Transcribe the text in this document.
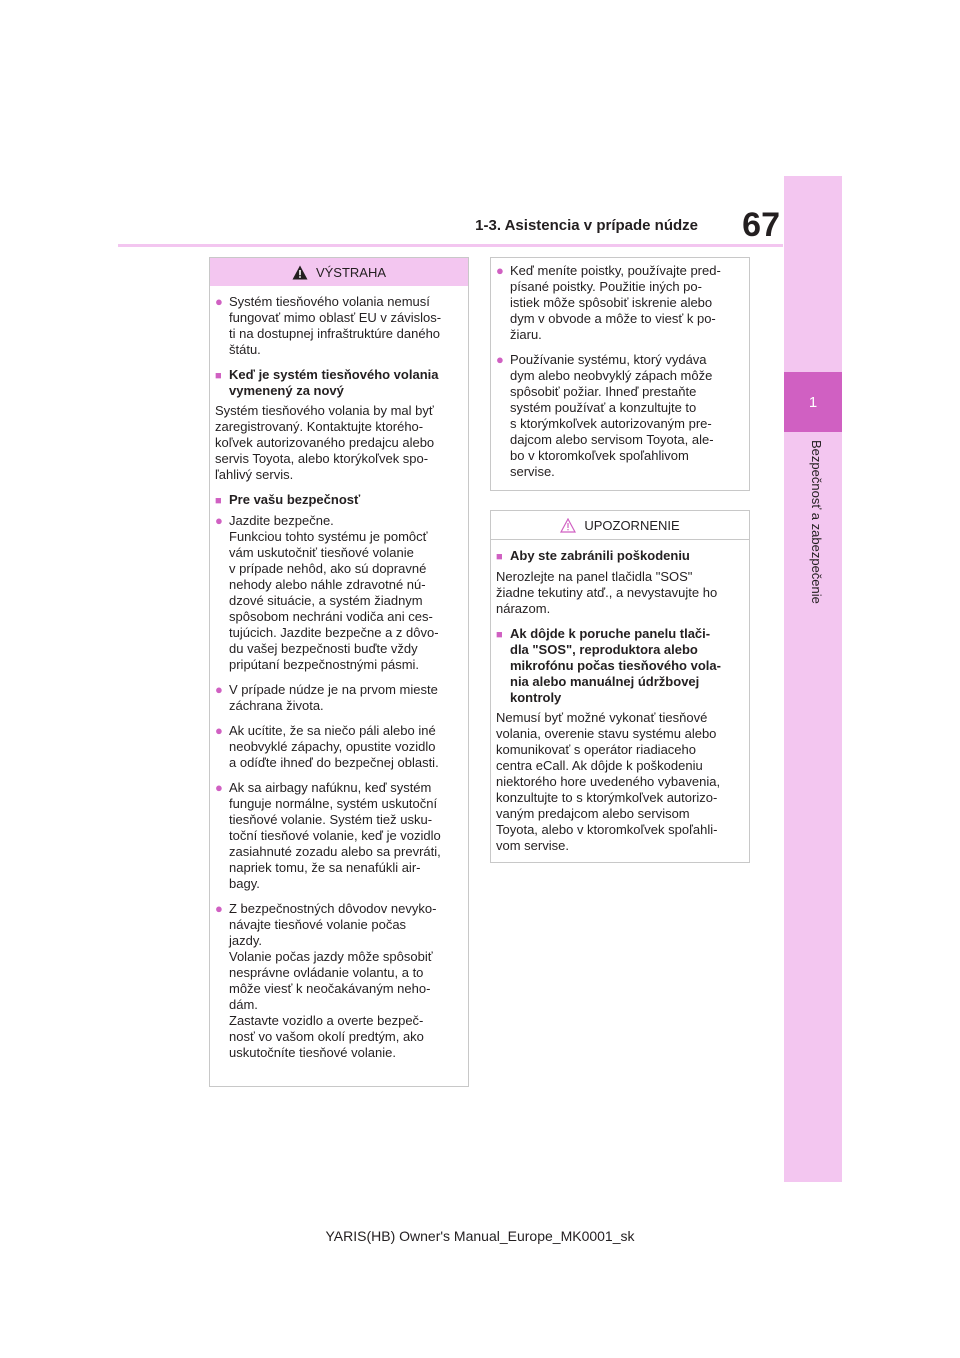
1-3. Asistencia v prípade núdze	67
1
Bezpečnosť a zabezpečenie
VÝSTRAHA
● Systém tiesňového volania nemusí
fungovať mimo oblasť EU v závislos-
ti na dostupnej infraštruktúre daného
štátu.
■ Keď je systém tiesňového volania
vymenený za nový
Systém tiesňového volania by mal byť
zaregistrovaný. Kontaktujte ktorého-
koľvek autorizovaného predajcu alebo
servis Toyota, alebo ktorýkoľvek spo-
ľahlivý servis.
■ Pre vašu bezpečnosť
● Jazdite bezpečne.
Funkciou tohto systému je pomôcť
vám uskutočniť tiesňové volanie
v prípade nehôd, ako sú dopravné
nehody alebo náhle zdravotné nú-
dzové situácie, a systém žiadnym
spôsobom nechráni vodiča ani ces-
tujúcich. Jazdite bezpečne a z dôvo-
du vašej bezpečnosti buďte vždy
pripútaní bezpečnostnými pásmi.
● V prípade núdze je na prvom mieste
záchrana života.
● Ak ucítite, že sa niečo páli alebo iné
neobvyklé zápachy, opustite vozidlo
a odíďte ihneď do bezpečnej oblasti.
● Ak sa airbagy nafúknu, keď systém
funguje normálne, systém uskutoční
tiesňové volanie. Systém tiež usku-
toční tiesňové volanie, keď je vozidlo
zasiahnuté zozadu alebo sa prevráti,
napriek tomu, že sa nenafúkli air-
bagy.
● Z bezpečnostných dôvodov nevyko-
návajte tiesňové volanie počas
jazdy.
Volanie počas jazdy môže spôsobiť
nesprávne ovládanie volantu, a to
môže viesť k neočakávaným neho-
dám.
Zastavte vozidlo a overte bezpeč-
nosť vo vašom okolí predtým, ako
uskutočníte tiesňové volanie.
● Keď meníte poistky, používajte pred-
písané poistky. Použitie iných po-
istiek môže spôsobiť iskrenie alebo
dym v obvode a môže to viesť k po-
žiaru.
● Používanie systému, ktorý vydáva
dym alebo neobvyklý zápach môže
spôsobiť požiar. Ihneď prestaňte
systém používať a konzultujte to
s ktorýmkoľvek autorizovaným pre-
dajcom alebo servisom Toyota, ale-
bo v ktoromkoľvek spoľahlivom
servise.
UPOZORNENIE
■ Aby ste zabránili poškodeniu
Nerozlejte na panel tlačidla "SOS"
žiadne tekutiny atď., a nevystavujte ho
nárazom.
■ Ak dôjde k poruche panelu tlači-
dla "SOS", reproduktora alebo
mikrofónu počas tiesňového vola-
nia alebo manuálnej údržbovej
kontroly
Nemusí byť možné vykonať tiesňové
volania, overenie stavu systému alebo
komunikovať s operátor riadiaceho
centra eCall. Ak dôjde k poškodeniu
niektorého hore uvedeného vybavenia,
konzultujte to s ktorýmkoľvek autorizo-
vaným predajcom alebo servisom
Toyota, alebo v ktoromkoľvek spoľahli-
vom servise.
YARIS(HB) Owner's Manual_Europe_MK0001_sk
